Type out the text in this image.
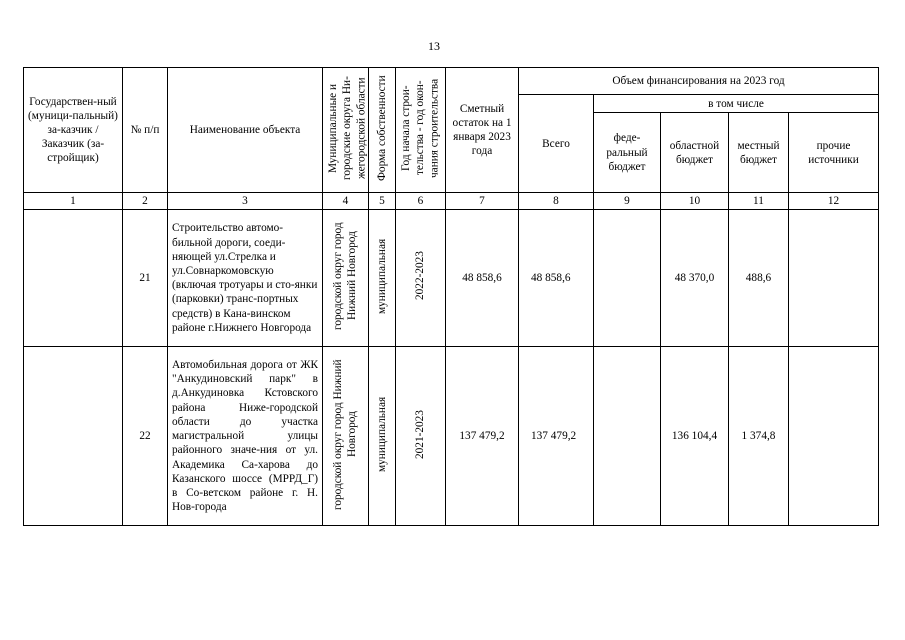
13
Государствен-ный (муници-пальный) за-казчик / Заказчик (за-стройщик)	№ п/п	Наименование объекта	Муниципальные и городские округа Ни-жегородской области	Форма собственности	Год начала строи-тельства - год окон-чания строительства	Сметный остаток на 1 января 2023 года	Объем финансирования на 2023 год				
							Всего	в том числе			
								феде-ральный бюджет	областной бюджет	местный бюджет	прочие источники
1	2	3	4	5	6	7	8	9	10	11	12
	21	Строительство автомо-бильной дороги, соеди-няющей ул.Стрелка и ул.Совнаркомовскую (включая тротуары и сто-янки (парковки) транс-портных средств) в Кана-винском районе г.Нижнего Новгорода	городской округ город Нижний Новгород	муниципальная	2022-2023	48 858,6	48 858,6		48 370,0	488,6	
	22	Автомобильная дорога от ЖК "Анкудиновский парк" в д.Анкудиновка Кстовского района Ниже-городской области до участка магистральной улицы районного значе-ния от ул. Академика Са-харова до Казанского шоссе (МРРД_Г) в Со-ветском районе г. Н. Нов-города	городской округ город Нижний Новгород	муниципальная	2021-2023	137 479,2	137 479,2		136 104,4	1 374,8	
